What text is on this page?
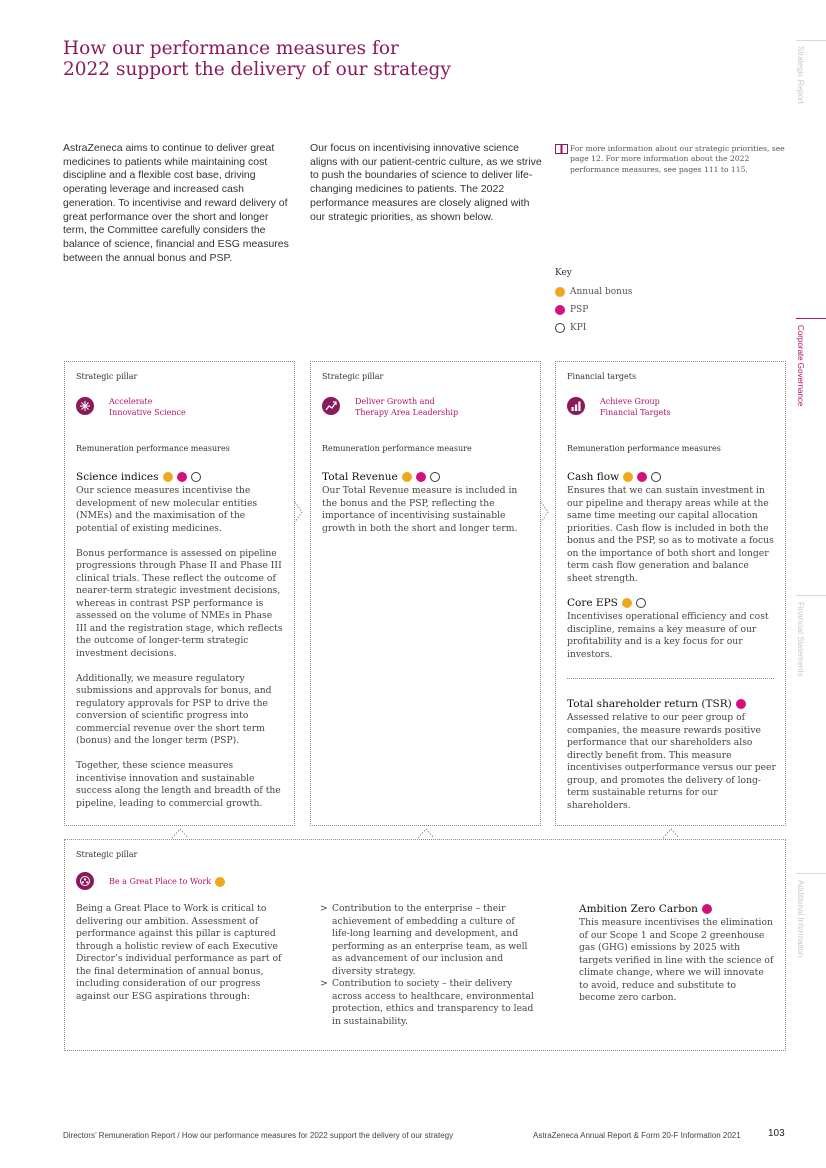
How our performance measures for
2022 support the delivery of our strategy
AstraZeneca aims to continue to deliver great medicines to patients while maintaining cost discipline and a flexible cost base, driving operating leverage and increased cash generation. To incentivise and reward delivery of great performance over the short and longer term, the Committee carefully considers the balance of science, financial and ESG measures between the annual bonus and PSP.
Our focus on incentivising innovative science aligns with our patient-centric culture, as we strive to push the boundaries of science to deliver life-changing medicines to patients. The 2022 performance measures are closely aligned with our strategic priorities, as shown below.
For more information about our strategic priorities, see page 12. For more information about the 2022 performance measures, see pages 111 to 115.
Key
Annual bonus
PSP
KPI
Strategic pillar
Accelerate
Innovative Science
Remuneration performance measures
Science indices

Our science measures incentivise the development of new molecular entities (NMEs) and the maximisation of the potential of existing medicines.

Bonus performance is assessed on pipeline progressions through Phase II and Phase III clinical trials. These reflect the outcome of nearer-term strategic investment decisions, whereas in contrast PSP performance is assessed on the volume of NMEs in Phase III and the registration stage, which reflects the outcome of longer-term strategic investment decisions.

Additionally, we measure regulatory submissions and approvals for bonus, and regulatory approvals for PSP to drive the conversion of scientific progress into commercial revenue over the short term (bonus) and the longer term (PSP).

Together, these science measures incentivise innovation and sustainable success along the length and breadth of the pipeline, leading to commercial growth.

Strategic pillar
Deliver Growth and
Therapy Area Leadership
Remuneration performance measure
Total Revenue
Our Total Revenue measure is included in the bonus and the PSP, reflecting the importance of incentivising sustainable growth in both the short and longer term.
Financial targets
Achieve Group
Financial Targets
Remuneration performance measures
Cash flow
Ensures that we can sustain investment in our pipeline and therapy areas while at the same time meeting our capital allocation priorities. Cash flow is included in both the bonus and the PSP, so as to motivate a focus on the importance of both short and longer term cash flow generation and balance sheet strength.
Core EPS
Incentivises operational efficiency and cost discipline, remains a key measure of our profitability and is a key focus for our investors.
Total shareholder return (TSR)
Assessed relative to our peer group of companies, the measure rewards positive performance that our shareholders also directly benefit from. This measure incentivises outperformance versus our peer group, and promotes the delivery of long-term sustainable returns for our shareholders.
Strategic pillar
Be a Great Place to Work
Being a Great Place to Work is critical to delivering our ambition. Assessment of performance against this pillar is captured through a holistic review of each Executive Director’s individual performance as part of the final determination of annual bonus, including consideration of our progress against our ESG aspirations through:
Ambition Zero Carbon
This measure incentivises the elimination of our Scope 1 and Scope 2 greenhouse gas (GHG) emissions by 2025 with targets verified in line with the science of climate change, where we will innovate to avoid, reduce and substitute to become zero carbon.
> Contribution to the enterprise – their achievement of embedding a culture of life-long learning and development, and performing as an enterprise team, as well as advancement of our inclusion and diversity strategy.
> Contribution to society – their delivery across access to healthcare, environmental protection, ethics and transparency to lead in sustainability.
Strategic Report
Corporate Governance
Financial Statements
Additional Information
Directors’ Remuneration Report / How our performance measures for 2022 support the delivery of our strategy	AstraZeneca Annual Report & Form 20-F Information 2021	103
